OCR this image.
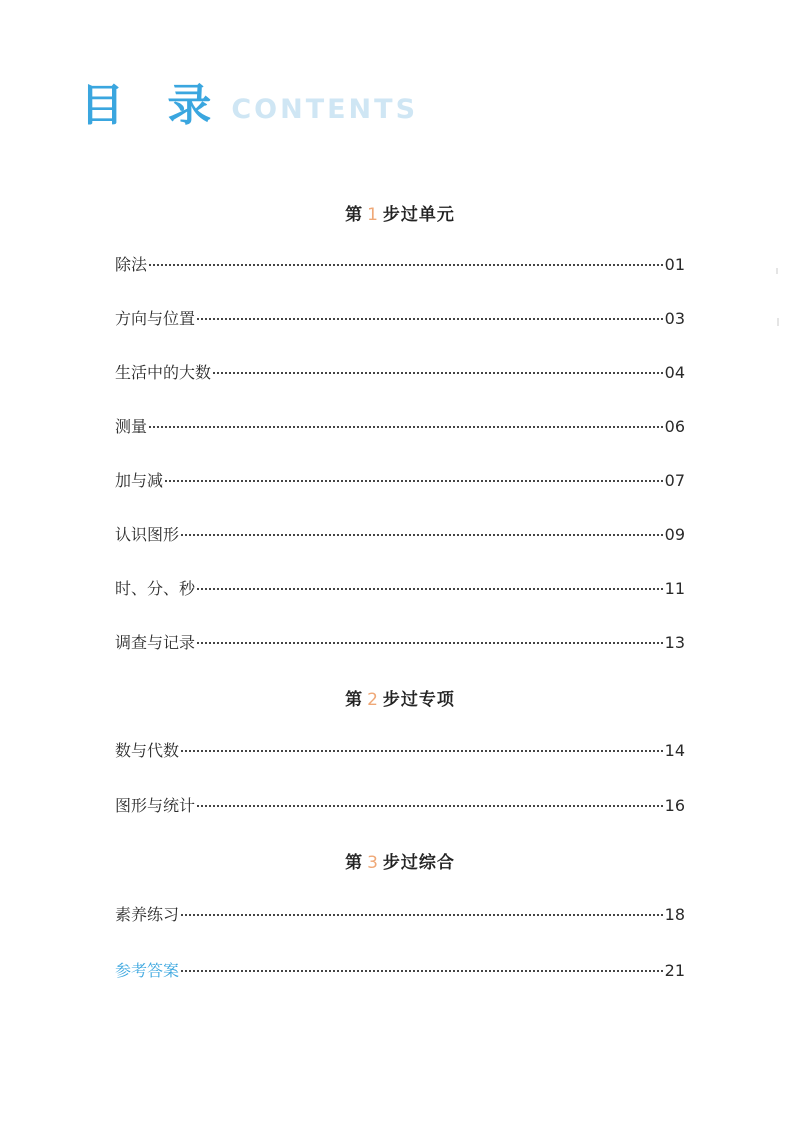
目 录 CONTENTS
第 1 步过单元
除法	01
方向与位置	03
生活中的大数	04
测量	06
加与减	07
认识图形	09
时、分、秒	11
调查与记录	13
第 2 步过专项
数与代数	14
图形与统计	16
第 3 步过综合
素养练习	18
参考答案	21
